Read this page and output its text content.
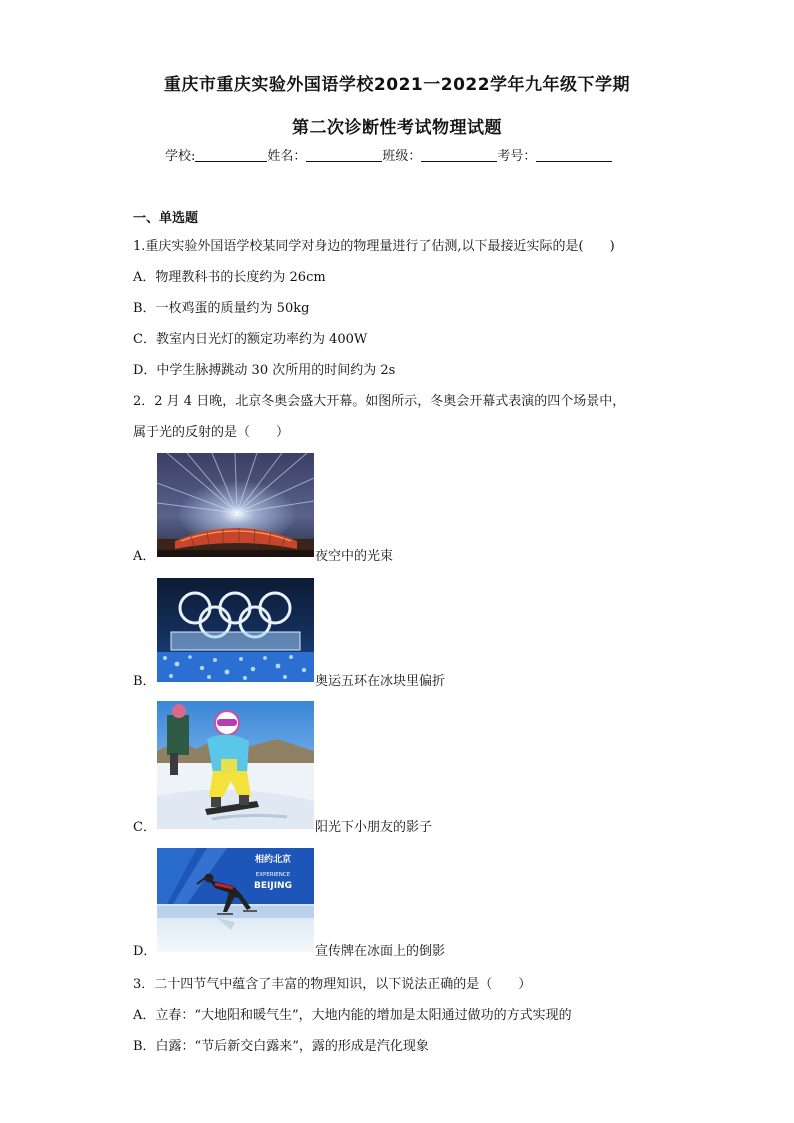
重庆市重庆实验外国语学校2021一2022学年九年级下学期
第二次诊断性考试物理试题
学校:	姓名：	班级：	考号：
一、单选题
1.重庆实验外国语学校某同学对身边的物理量进行了估测,以下最接近实际的是(　　)
A．物理教科书的长度约为 26cm
B．一枚鸡蛋的质量约为 50kg
C．教室内日光灯的额定功率约为 400W
D．中学生脉搏跳动 30 次所用的时间约为 2s
2．2 月 4 日晚，北京冬奥会盛大开幕。如图所示，冬奥会开幕式表演的四个场景中，
属于光的反射的是（　　）
A．	夜空中的光束
B．	奥运五环在冰块里偏折
C．	阳光下小朋友的影子
相约北京
EXPERIENCE
BEIJING
D．	宣传牌在冰面上的倒影
3．二十四节气中蕴含了丰富的物理知识，以下说法正确的是（　　）
A．立春：“大地阳和暖气生”，大地内能的增加是太阳通过做功的方式实现的
B．白露：“节后新交白露来”，露的形成是汽化现象
